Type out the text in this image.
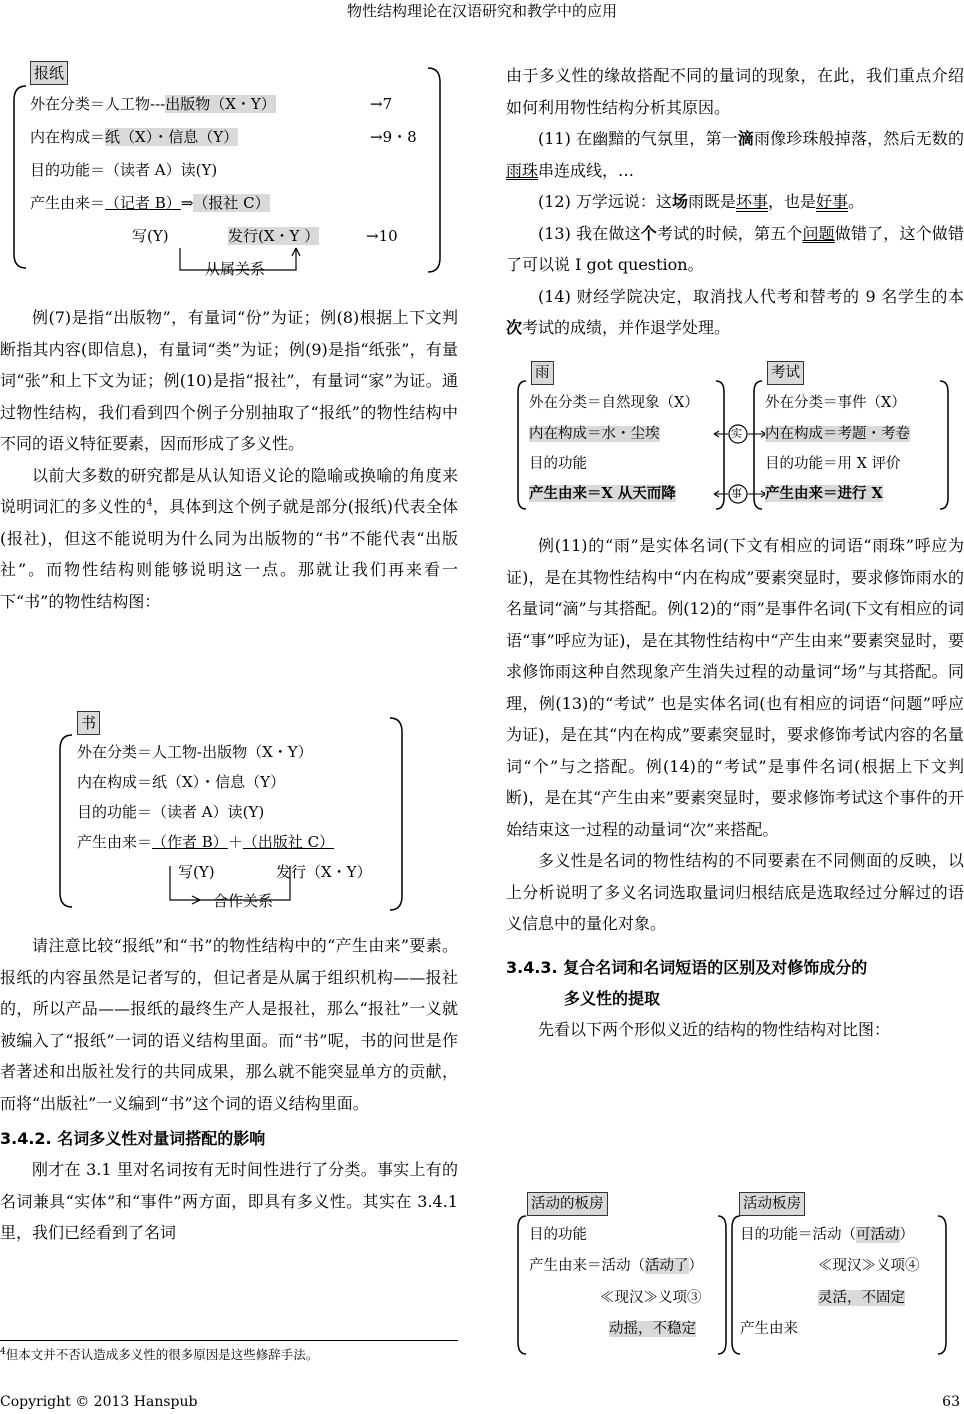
物性结构理论在汉语研究和教学中的应用
报纸
外在分类＝人工物---出版物（X・Y）	→7
内在构成＝纸（X）・信息（Y）	→9・8
目的功能＝（读者 A）读(Y)
产生由来＝（记者 B）⇒（报社 C）
写(Y)	发行(X・Y ）	→10
从属关系

例(7)是指“出版物”，有量词“份”为证；例(8)根据上下文判断指其内容(即信息)，有量词“类”为证；例(9)是指“纸张”，有量词“张”和上下文为证；例(10)是指“报社”，有量词“家”为证。通过物性结构，我们看到四个例子分别抽取了“报纸”的物性结构中不同的语义特征要素，因而形成了多义性。

以前大多数的研究都是从认知语义论的隐喻或换喻的角度来说明词汇的多义性的$^4$，具体到这个例子就是部分(报纸)代表全体(报社)，但这不能说明为什么同为出版物的“书”不能代表“出版社”。而物性结构则能够说明这一点。那就让我们再来看一下“书”的物性结构图：

书
外在分类＝人工物-出版物（X・Y）
内在构成＝纸（X）・信息（Y）
目的功能＝（读者 A）读(Y)
产生由来＝（作者 B）＋（出版社 C）
写(Y)	发行（X・Y）
合作关系

请注意比较“报纸”和“书”的物性结构中的“产生由来”要素。报纸的内容虽然是记者写的，但记者是从属于组织机构——报社的，所以产品——报纸的最终生产人是报社，那么“报社”一义就被编入了“报纸”一词的语义结构里面。而“书”呢，书的问世是作者著述和出版社发行的共同成果，那么就不能突显单方的贡献，而将“出版社”一义编到“书”这个词的语义结构里面。

3.4.2. 名词多义性对量词搭配的影响

刚才在 3.1 里对名词按有无时间性进行了分类。事实上有的名词兼具“实体”和“事件”两方面，即具有多义性。其实在 3.4.1 里，我们已经看到了名词

$^4$但本文并不否认造成多义性的很多原因是这些修辞手法。

由于多义性的缘故搭配不同的量词的现象，在此，我们重点介绍如何利用物性结构分析其原因。

(11) 在幽黯的气氛里，第一滴雨像珍珠般掉落，然后无数的雨珠串连成线，…

(12) 万学远说：这场雨既是坏事，也是好事。

(13) 我在做这个考试的时候，第五个问题做错了，这个做错了可以说 I got question。

(14) 财经学院决定，取消找人代考和替考的 9 名学生的本次考试的成绩，并作退学处理。

雨	考试
外在分类＝自然现象（X）
内在构成＝水・尘埃
目的功能
产生由来＝X 从天而降
外在分类＝事件（X）
内在构成＝考题・考卷
目的功能＝用 X 评价
产生由来＝进行 X
实
事

例(11)的“雨”是实体名词(下文有相应的词语“雨珠”呼应为证)，是在其物性结构中“内在构成”要素突显时，要求修饰雨水的名量词“滴”与其搭配。例(12)的“雨”是事件名词(下文有相应的词语“事”呼应为证)，是在其物性结构中“产生由来”要素突显时，要求修饰雨这种自然现象产生消失过程的动量词“场”与其搭配。同理，例(13)的“考试” 也是实体名词(也有相应的词语“问题”呼应为证)，是在其“内在构成”要素突显时，要求修饰考试内容的名量词“个”与之搭配。例(14)的“考试”是事件名词(根据上下文判断)，是在其“产生由来”要素突显时，要求修饰考试这个事件的开始结束这一过程的动量词“次”来搭配。

多义性是名词的物性结构的不同要素在不同侧面的反映，以上分析说明了多义名词选取量词归根结底是选取经过分解过的语义信息中的量化对象。

3.4.3. 复合名词和名词短语的区别及对修饰成分的

多义性的提取

先看以下两个形似义近的结构的物性结构对比图：

活动的板房	活动板房
目的功能
产生由来＝活动（活动了）
≪现汉≫义项③
动摇，不稳定
目的功能＝活动（可活动）
≪现汉≫义项④
灵活，不固定
产生由来
Copyright © 2013 Hanspub	63
